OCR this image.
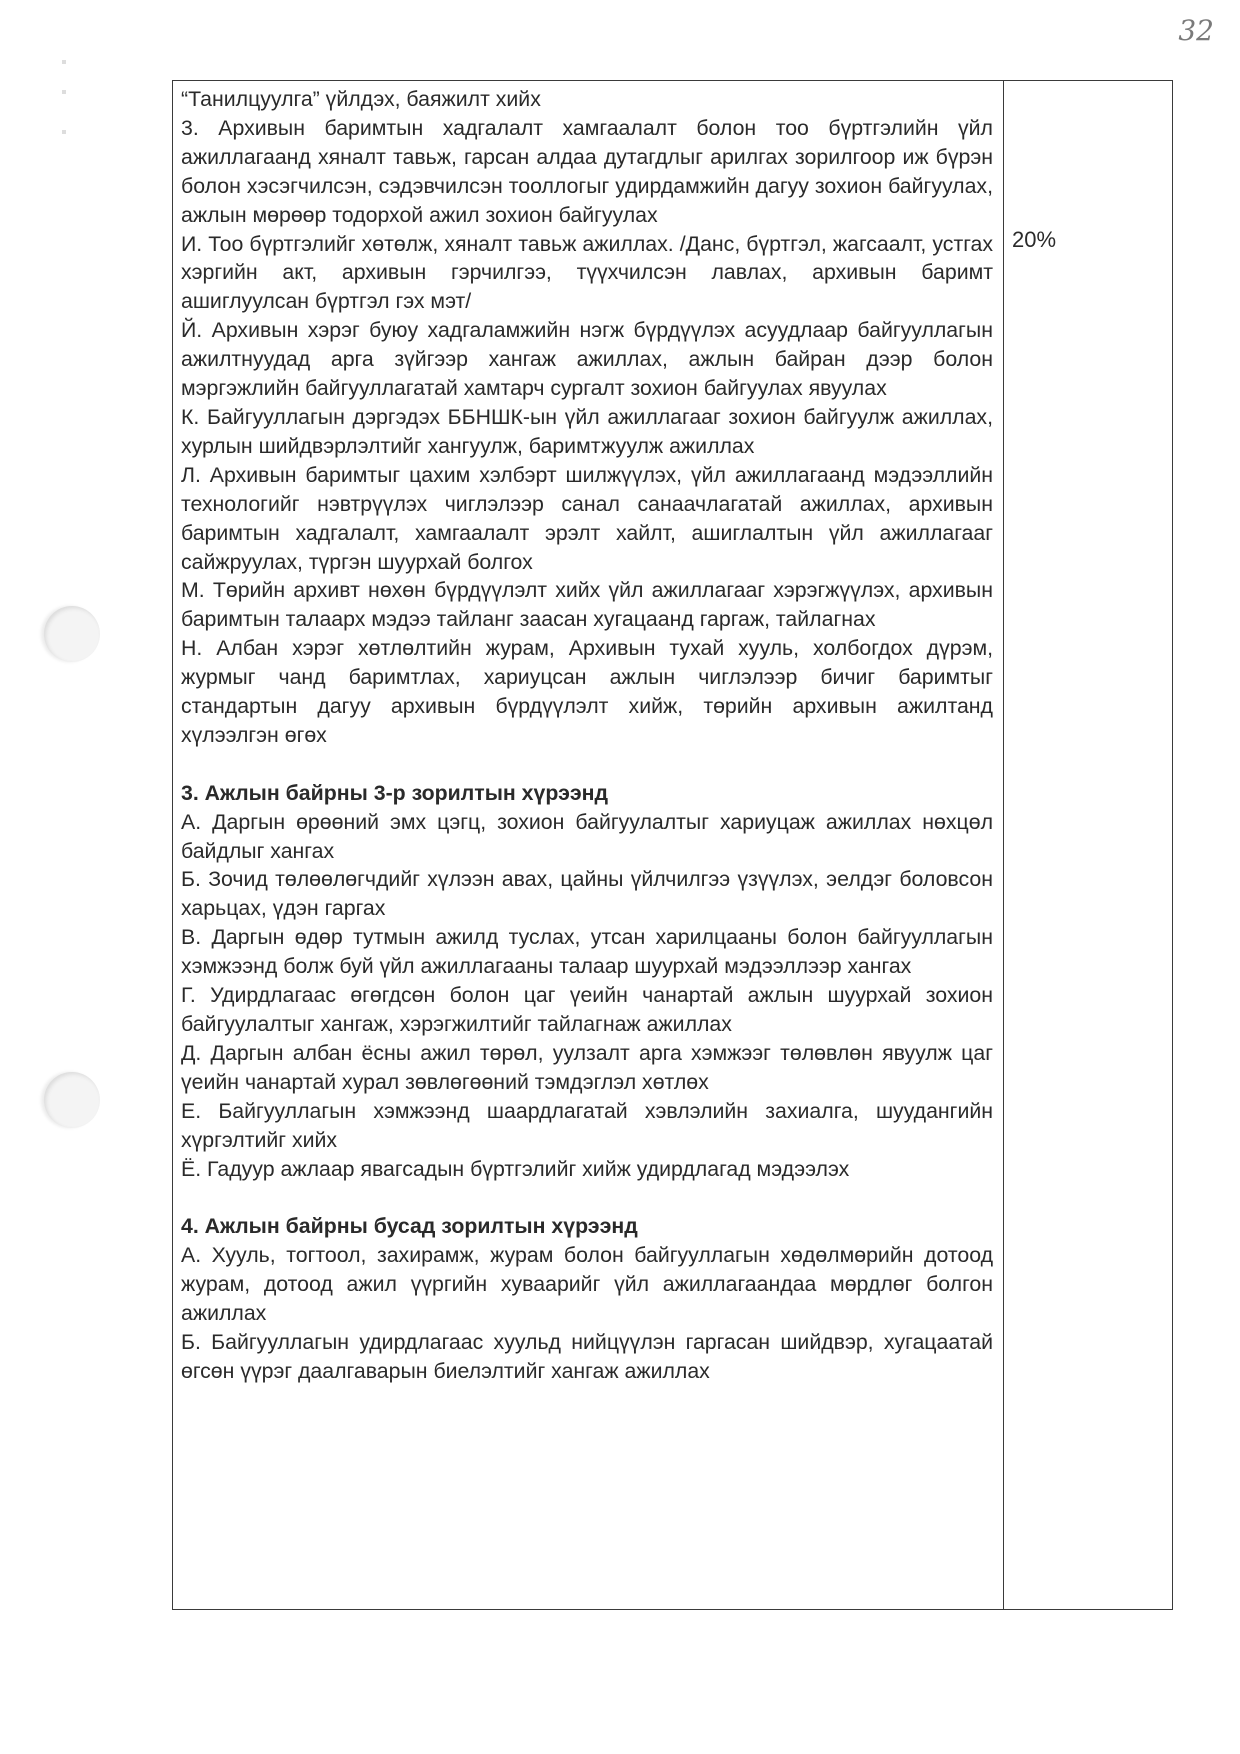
32

“Танилцуулга” үйлдэх, баяжилт хийх

3. Архивын баримтын хадгалалт хамгаалалт болон тоо бүртгэлийн үйл ажиллагаанд хяналт тавьж, гарсан алдаа дутагдлыг арилгах зорилгоор иж бүрэн болон хэсэгчилсэн, сэдэвчилсэн тооллогыг удирдамжийн дагуу зохион байгуулах, ажлын мөрөөр тодорхой ажил зохион байгуулах

И. Тоо бүртгэлийг хөтөлж, хяналт тавьж ажиллах. /Данс, бүртгэл, жагсаалт, устгах хэргийн акт, архивын гэрчилгээ, түүхчилсэн лавлах, архивын баримт ашиглуулсан бүртгэл гэх мэт/

Й. Архивын хэрэг буюу хадгаламжийн нэгж бүрдүүлэх асуудлаар байгууллагын ажилтнуудад арга зүйгээр хангаж ажиллах, ажлын байран дээр болон мэргэжлийн байгууллагатай хамтарч сургалт зохион байгуулах явуулах

К. Байгууллагын дэргэдэх ББНШК-ын үйл ажиллагааг зохион байгуулж ажиллах, хурлын шийдвэрлэлтийг хангуулж, баримтжуулж ажиллах

Л. Архивын баримтыг цахим хэлбэрт шилжүүлэх, үйл ажиллагаанд мэдээллийн технологийг нэвтрүүлэх чиглэлээр санал санаачлагатай ажиллах, архивын баримтын хадгалалт, хамгаалалт эрэлт хайлт, ашиглалтын үйл ажиллагааг сайжруулах, түргэн шуурхай болгох

М. Төрийн архивт нөхөн бүрдүүлэлт хийх үйл ажиллагааг хэрэгжүүлэх, архивын баримтын талаарх мэдээ тайланг заасан хугацаанд гаргаж, тайлагнах

Н. Албан хэрэг хөтлөлтийн журам, Архивын тухай хууль, холбогдох дүрэм, журмыг чанд баримтлах, хариуцсан ажлын чиглэлээр бичиг баримтыг стандартын дагуу архивын бүрдүүлэлт хийж, төрийн архивын ажилтанд хүлээлгэн өгөх

3. Ажлын байрны 3-р зорилтын хүрээнд

А. Даргын өрөөний эмх цэгц, зохион байгуулалтыг хариуцаж ажиллах нөхцөл байдлыг хангах

Б. Зочид төлөөлөгчдийг хүлээн авах, цайны үйлчилгээ үзүүлэх, эелдэг боловсон харьцах, үдэн гаргах

В. Даргын өдөр тутмын ажилд туслах, утсан харилцааны болон байгууллагын хэмжээнд болж буй үйл ажиллагааны талаар шуурхай мэдээллээр хангах

Г. Удирдлагаас өгөгдсөн болон цаг үеийн чанартай ажлын шуурхай зохион байгуулалтыг хангаж, хэрэгжилтийг тайлагнаж ажиллах

Д. Даргын албан ёсны ажил төрөл, уулзалт арга хэмжээг төлөвлөн явуулж цаг үеийн чанартай хурал зөвлөгөөний тэмдэглэл хөтлөх

Е. Байгууллагын хэмжээнд шаардлагатай хэвлэлийн захиалга, шуудангийн хүргэлтийг хийх

Ё. Гадуур ажлаар явагсадын бүртгэлийг хийж удирдлагад мэдээлэх

4. Ажлын байрны бусад зорилтын хүрээнд

А. Хууль, тогтоол, захирамж, журам болон байгууллагын хөдөлмөрийн дотоод журам, дотоод ажил үүргийн хуваарийг үйл ажиллагаандаа мөрдлөг болгон ажиллах

Б. Байгууллагын удирдлагаас хуульд нийцүүлэн гаргасан шийдвэр, хугацаатай өгсөн үүрэг даалгаварын биелэлтийг хангаж ажиллах

	20%
